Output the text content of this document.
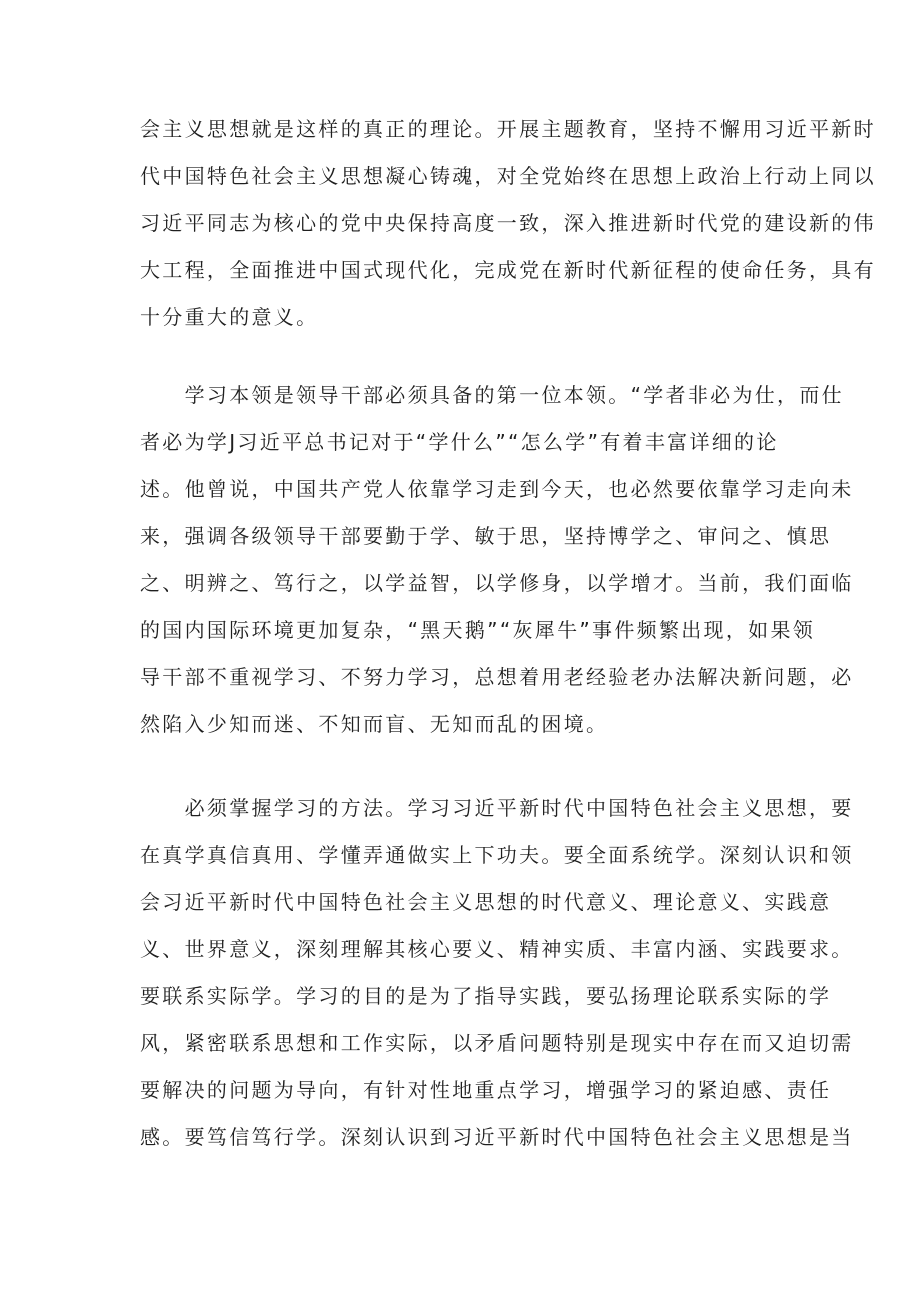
会主义思想就是这样的真正的理论。开展主题教育，坚持不懈用习近平新时
代中国特色社会主义思想凝心铸魂，对全党始终在思想上政治上行动上同以
习近平同志为核心的党中央保持高度一致，深入推进新时代党的建设新的伟
大工程，全面推进中国式现代化，完成党在新时代新征程的使命任务，具有
十分重大的意义。
　　学习本领是领导干部必须具备的第一位本领。“学者非必为仕，而仕
者必为学J习近平总书记对于“学什么”“怎么学”有着丰富详细的论
述。他曾说，中国共产党人依靠学习走到今天，也必然要依靠学习走向未
来，强调各级领导干部要勤于学、敏于思，坚持博学之、审问之、慎思
之、明辨之、笃行之，以学益智，以学修身，以学增才。当前，我们面临
的国内国际环境更加复杂，“黑天鹅”“灰犀牛”事件频繁出现，如果领
导干部不重视学习、不努力学习，总想着用老经验老办法解决新问题，必
然陷入少知而迷、不知而盲、无知而乱的困境。
　　必须掌握学习的方法。学习习近平新时代中国特色社会主义思想，要
在真学真信真用、学懂弄通做实上下功夫。要全面系统学。深刻认识和领
会习近平新时代中国特色社会主义思想的时代意义、理论意义、实践意
义、世界意义，深刻理解其核心要义、精神实质、丰富内涵、实践要求。
要联系实际学。学习的目的是为了指导实践，要弘扬理论联系实际的学
风，紧密联系思想和工作实际，以矛盾问题特别是现实中存在而又迫切需
要解决的问题为导向，有针对性地重点学习，增强学习的紧迫感、责任
感。要笃信笃行学。深刻认识到习近平新时代中国特色社会主义思想是当
